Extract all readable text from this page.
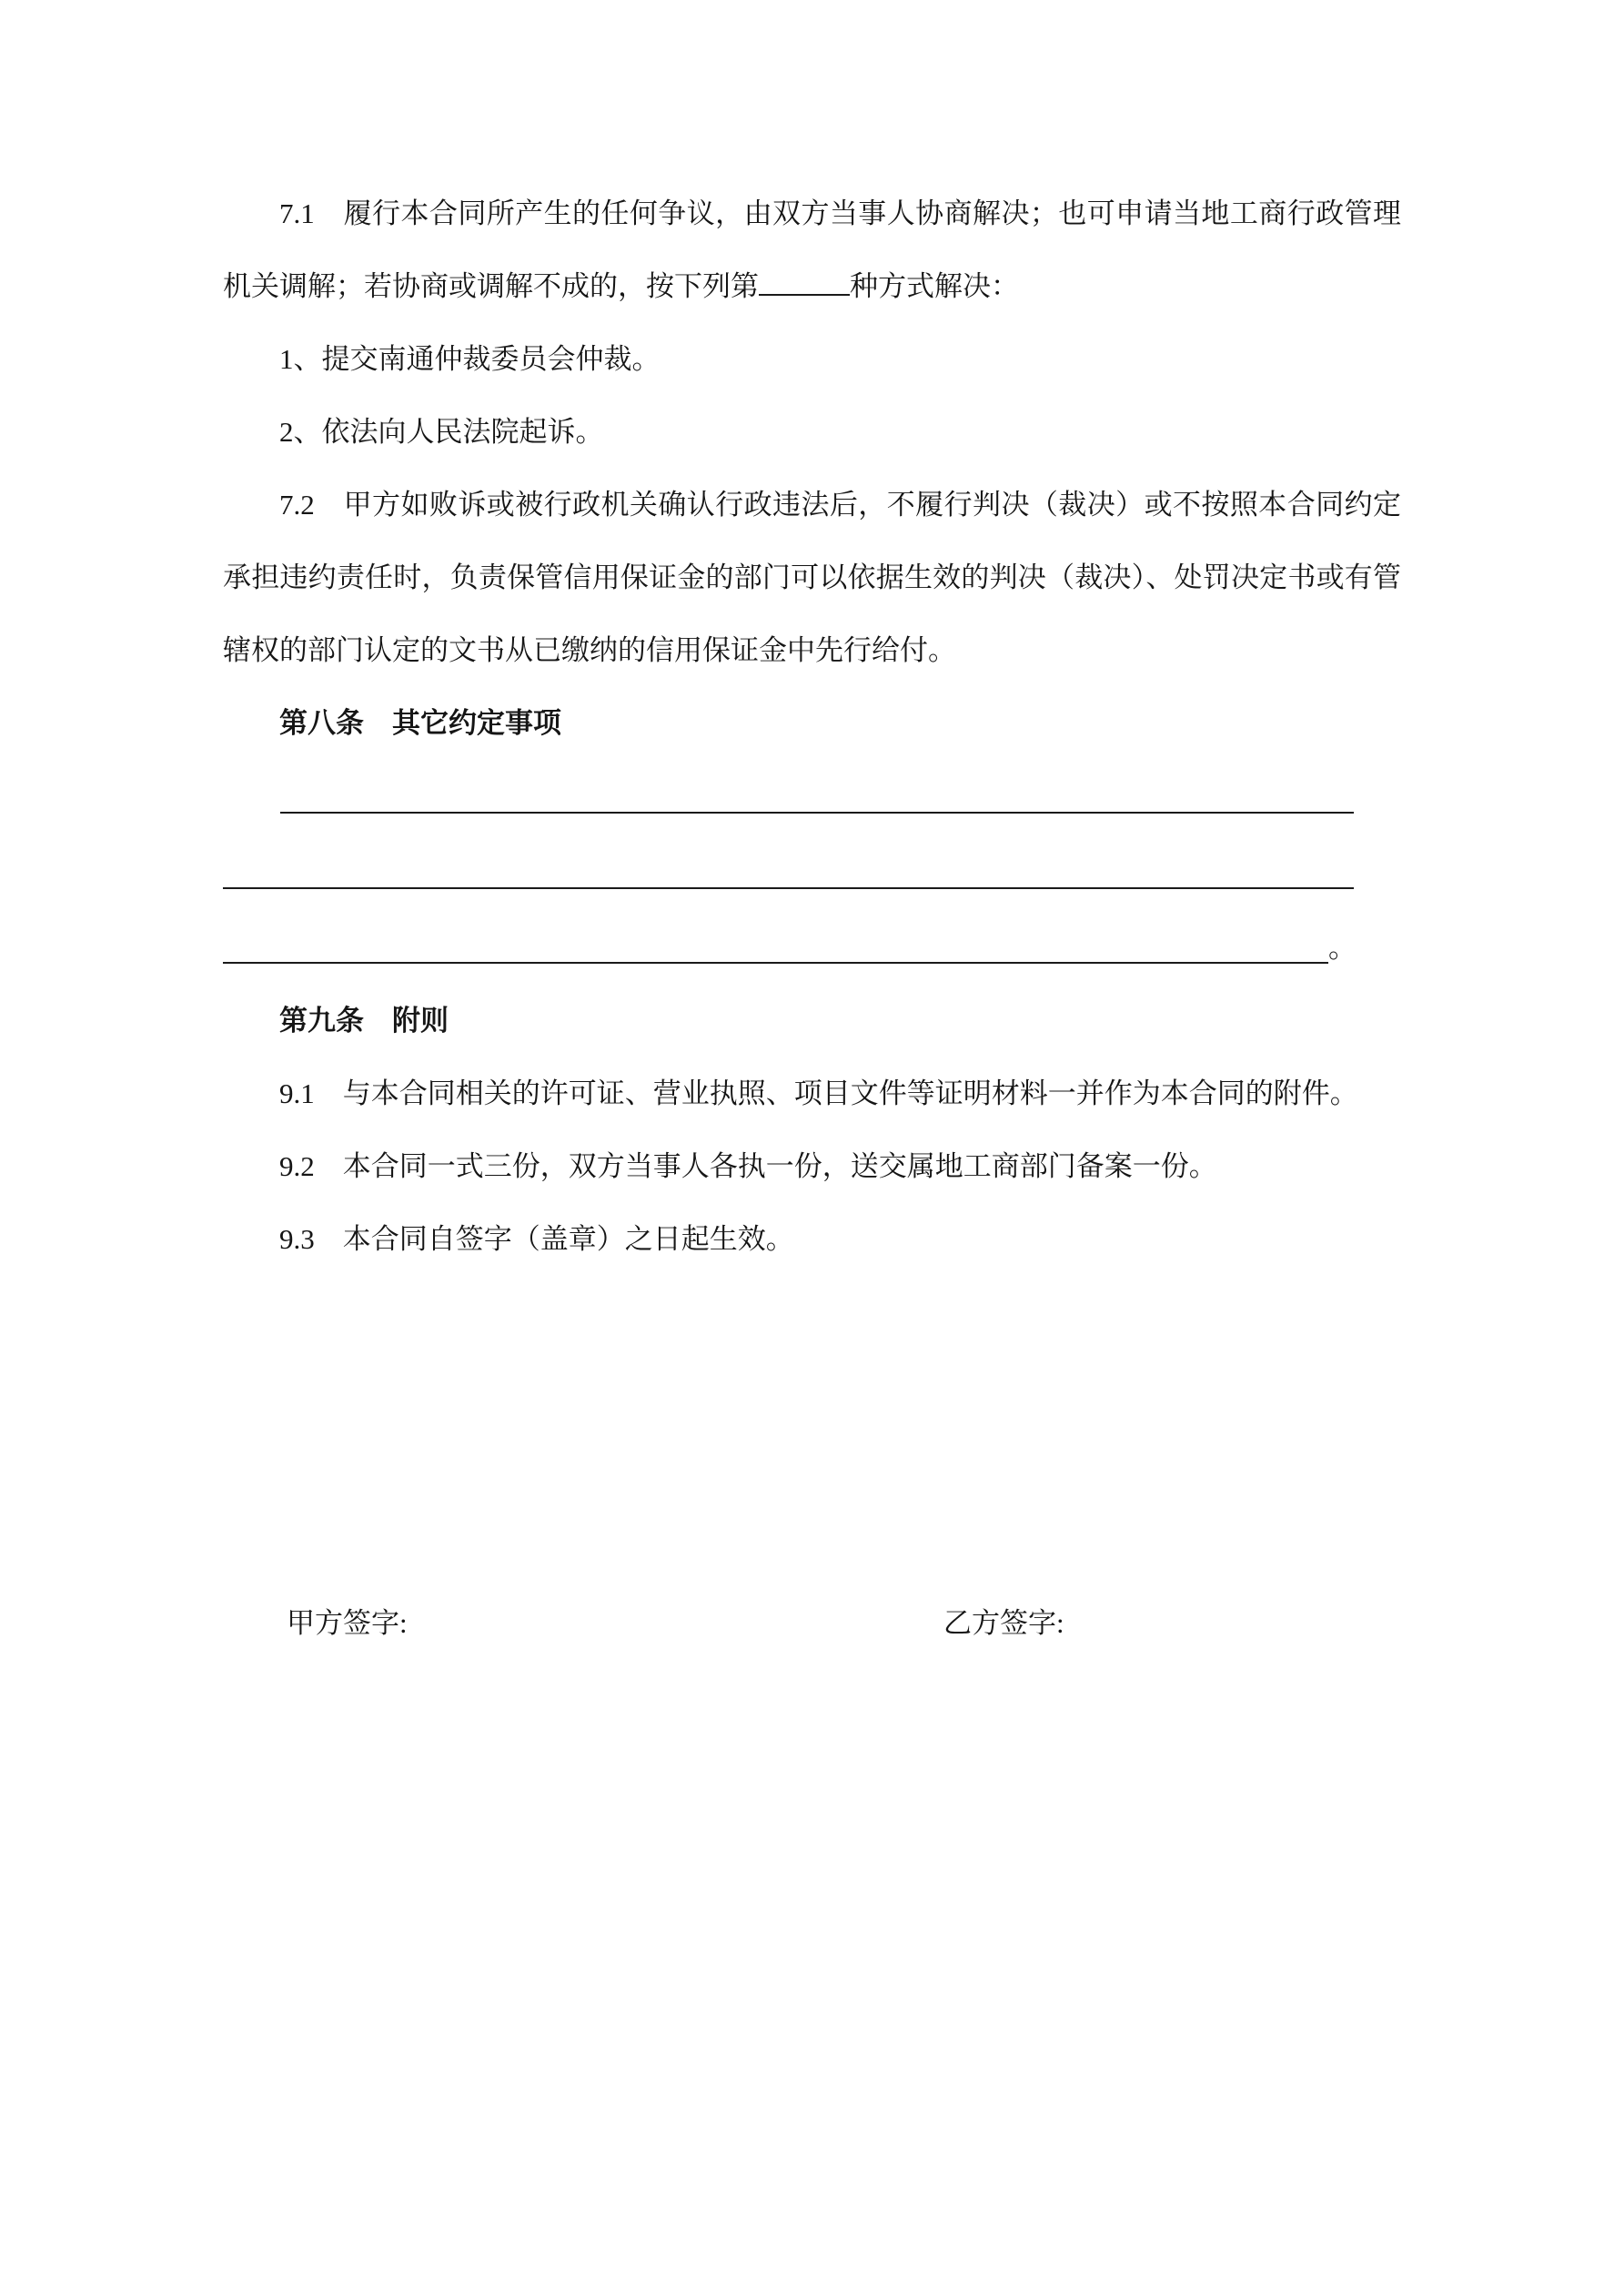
7.1　履行本合同所产生的任何争议，由双方当事人协商解决；也可申请当地工商行政管理机关调解；若协商或调解不成的，按下列第	种方式解决：

1、提交南通仲裁委员会仲裁。

2、依法向人民法院起诉。

7.2　甲方如败诉或被行政机关确认行政违法后，不履行判决（裁决）或不按照本合同约定承担违约责任时，负责保管信用保证金的部门可以依据生效的判决（裁决）、处罚决定书或有管辖权的部门认定的文书从已缴纳的信用保证金中先行给付。

第八条　其它约定事项

。

第九条　附则

9.1　与本合同相关的许可证、营业执照、项目文件等证明材料一并作为本合同的附件。

9.2　本合同一式三份，双方当事人各执一份，送交属地工商部门备案一份。

9.3　本合同自签字（盖章）之日起生效。

甲方签字:	乙方签字:
